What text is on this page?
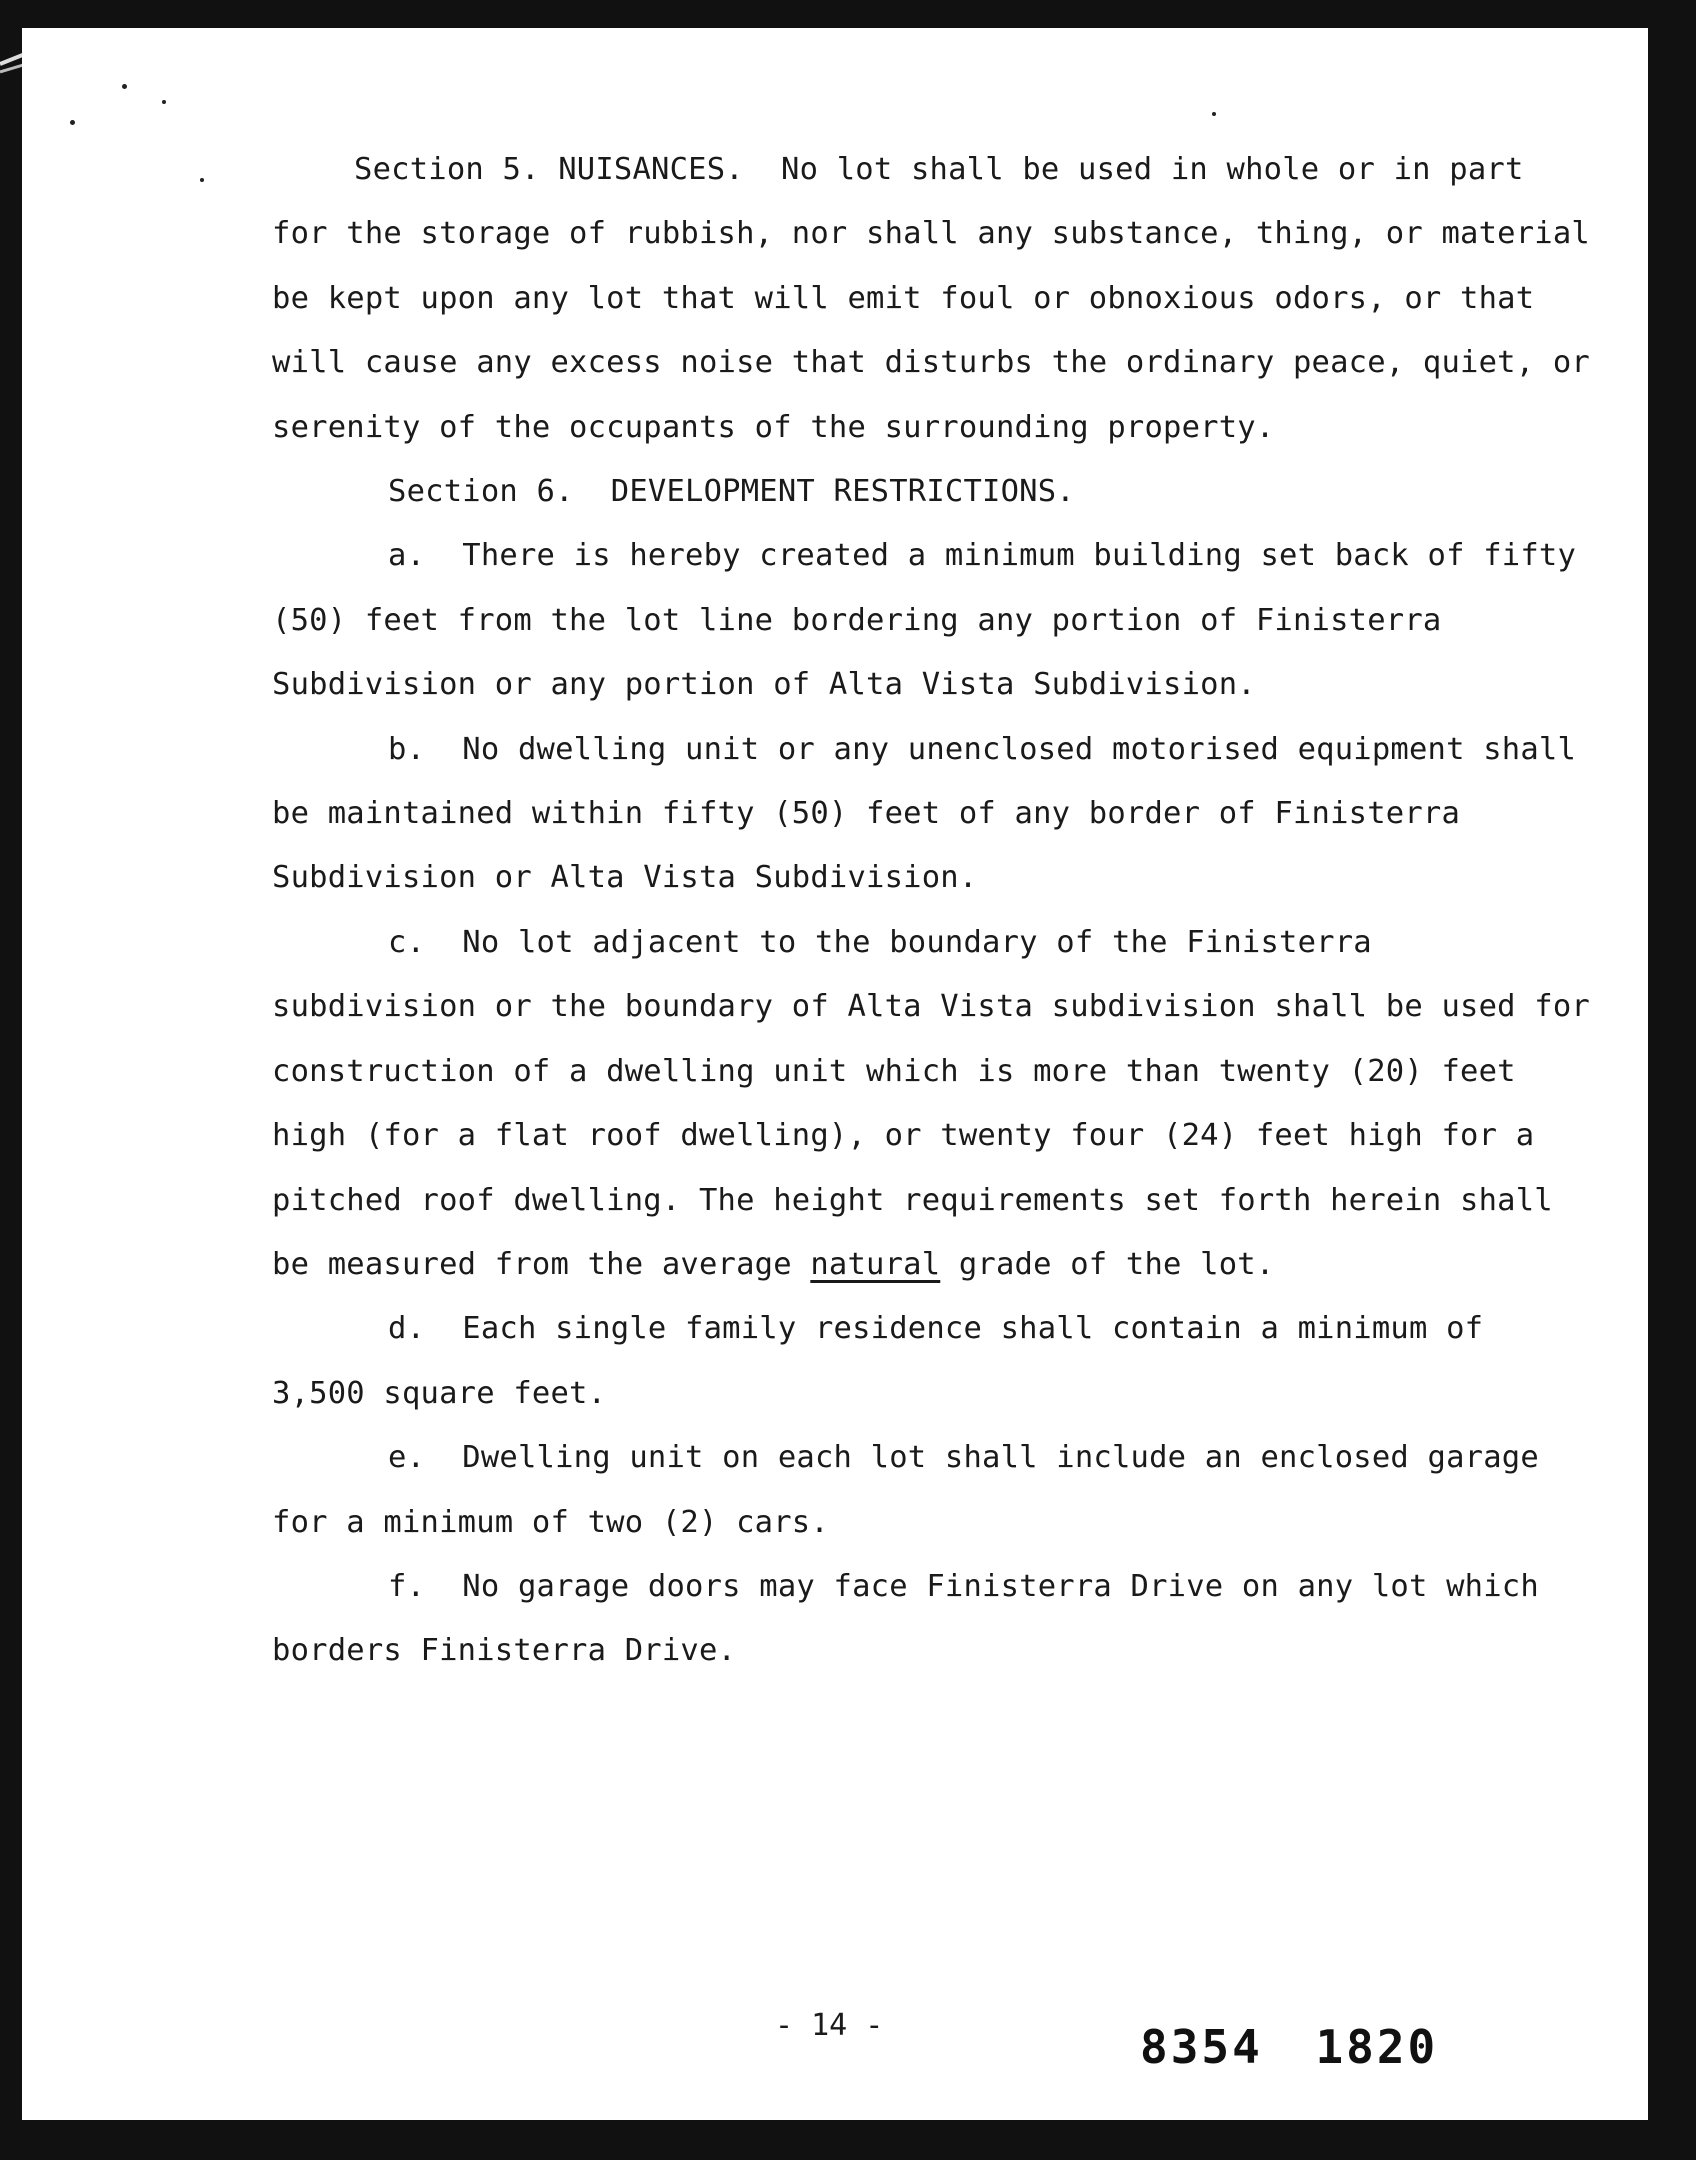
Section 5. NUISANCES. No lot shall be used in whole or in part for the storage of rubbish, nor shall any substance, thing, or material be kept upon any lot that will emit foul or obnoxious odors, or that will cause any excess noise that disturbs the ordinary peace, quiet, or serenity of the occupants of the surrounding property.

Section 6.  DEVELOPMENT RESTRICTIONS.

a. There is hereby created a minimum building set back of fifty (50) feet from the lot line bordering any portion of Finisterra Subdivision or any portion of Alta Vista Subdivision.

b. No dwelling unit or any unenclosed motorised equipment shall be maintained within fifty (50) feet of any border of Finisterra Subdivision or Alta Vista Subdivision.

c. No lot adjacent to the boundary of the Finisterra subdivision or the boundary of Alta Vista subdivision shall be used for construction of a dwelling unit which is more than twenty (20) feet high (for a flat roof dwelling), or twenty four (24) feet high for a pitched roof dwelling. The height requirements set forth herein shall be measured from the average natural grade of the lot.

d. Each single family residence shall contain a minimum of 3,500 square feet.

e. Dwelling unit on each lot shall include an enclosed garage for a minimum of two (2) cars.

f. No garage doors may face Finisterra Drive on any lot which borders Finisterra Drive.

- 14 -	8354 1820
